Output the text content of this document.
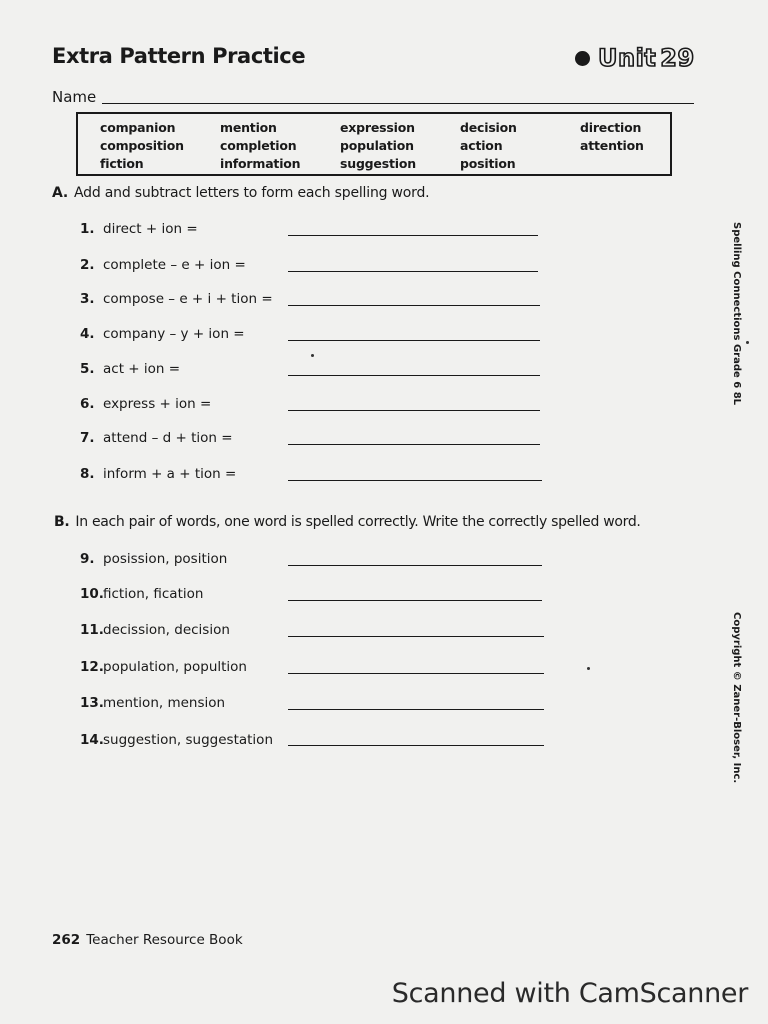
Extra Pattern Practice	Unit 29
Name
companion
composition
fiction
mention
completion
information
expression
population
suggestion
decision
action
position
direction
attention
A. Add and subtract letters to form each spelling word.
1. direct + ion =
2. complete – e + ion =
3. compose – e + i + tion =
4. company – y + ion =
5. act + ion =
6. express + ion =
7. attend – d + tion =
8. inform + a + tion =
B. In each pair of words, one word is spelled correctly. Write the correctly spelled word.
9. posission, position
10.fiction, fication
11.decission, decision
12.population, popultion
13.mention, mension
14.suggestion, suggestation
Spelling Connections Grade 6 8L
Copyright © Zaner-Bloser, Inc.
262 Teacher Resource Book
Scanned with CamScanner
